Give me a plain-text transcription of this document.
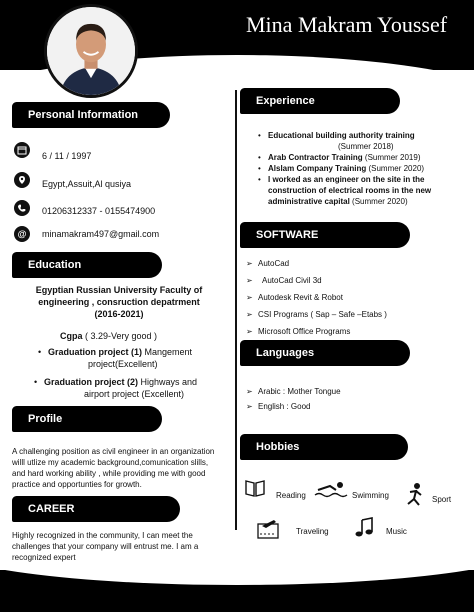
Mina Makram Youssef
Personal Information
6 / 11 / 1997
Egypt,Assuit,Al qusiya
01206312337 - 0155474900
@	minamakram497@gmail.com
Education
Egyptian Russian University Faculty of
engineering , consruction depatrment
(2016-2021)
Cgpa ( 3.29-Very good )
• Graduation project (1) Mangement
project(Excellent)
• Graduation project (2) Highways and
airport project (Excellent)
Profile
A challenging position as civil engineer in an organization
willl utlize my academic background,comunication slills,
and hard working ability , while providing me with good
practice and opportunties for growth.
CAREER
Highly recognized in the community, I can meet the
challenges that your company will entrust me. I am a
recognized expert
Experience
• Educational building authority training
(Summer 2018)
• Arab Contractor Training (Summer 2019)
• Alslam Company Training (Summer 2020)
• I worked as an engineer on the site in the
construction of electrical rooms in the new
administrative capital (Summer 2020)
SOFTWARE
➢ AutoCad
➢ AutoCad Civil 3d
➢ Autodesk Revit & Robot
➢ CSI Programs ( Sap – Safe –Etabs )
➢ Microsoft Office Programs
Languages
➢ Arabic : Mother Tongue
➢ English : Good
Hobbies
Reading	Swimming	Sport
Traveling	Music
